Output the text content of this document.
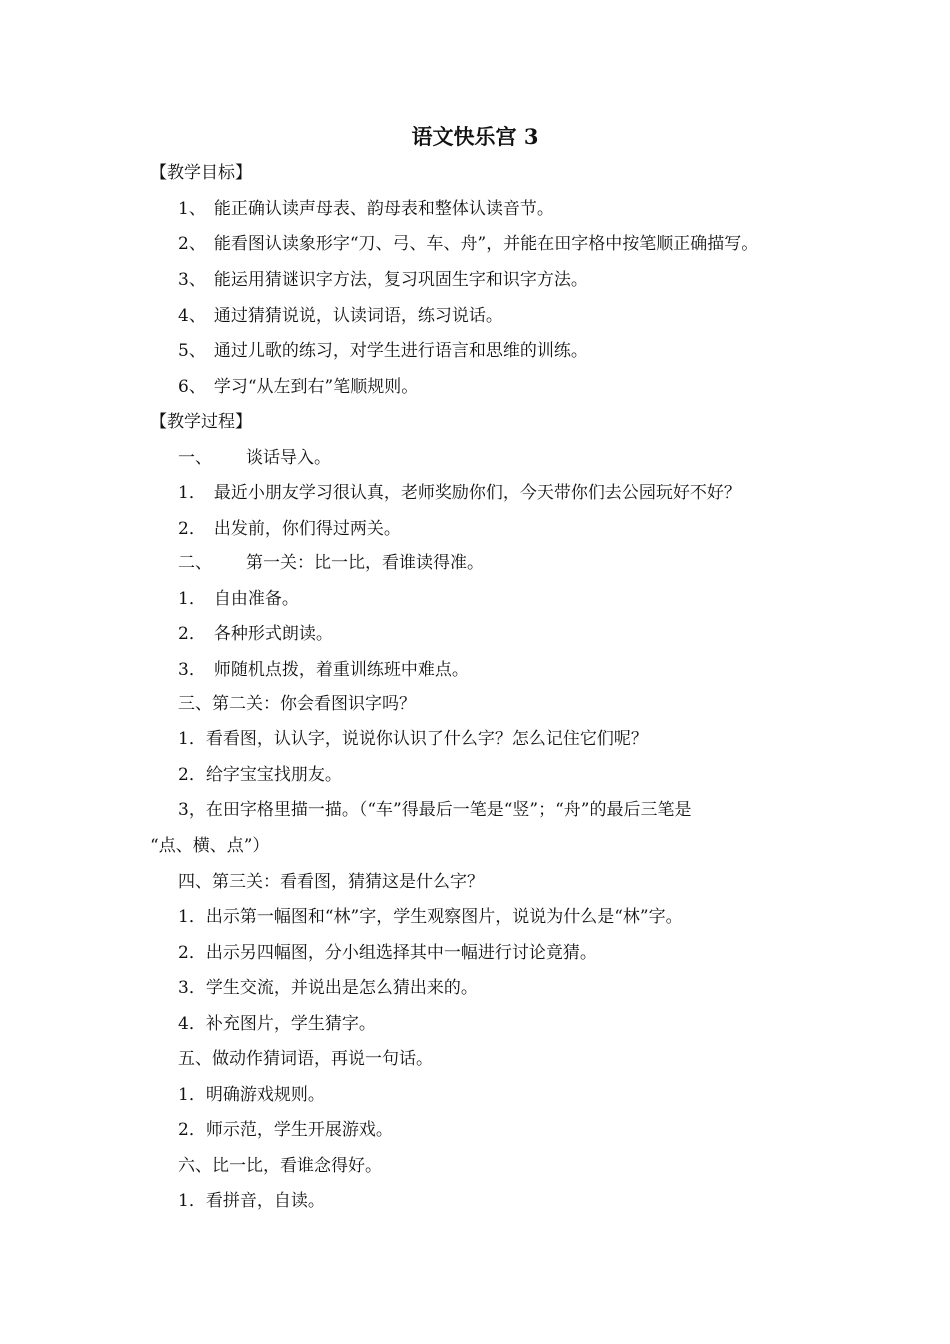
语文快乐宫 3
【教学目标】
1、 能正确认读声母表、韵母表和整体认读音节。
2、 能看图认读象形字“刀、弓、车、舟”，并能在田字格中按笔顺正确描写。
3、 能运用猜谜识字方法，复习巩固生字和识字方法。
4、 通过猜猜说说，认读词语，练习说话。
5、 通过儿歌的练习，对学生进行语言和思维的训练。
6、 学习“从左到右”笔顺规则。
【教学过程】
一、 谈话导入。
1． 最近小朋友学习很认真，老师奖励你们，今天带你们去公园玩好不好？
2． 出发前，你们得过两关。
二、 第一关：比一比，看谁读得准。
1． 自由准备。
2． 各种形式朗读。
3． 师随机点拨，着重训练班中难点。
三、第二关：你会看图识字吗？
1．看看图，认认字，说说你认识了什么字？怎么记住它们呢？
2．给字宝宝找朋友。
3，在田字格里描一描。（“车”得最后一笔是“竖”；“舟”的最后三笔是
“点、横、点”）
四、第三关：看看图，猜猜这是什么字？
1．出示第一幅图和“林”字，学生观察图片，说说为什么是“林”字。
2．出示另四幅图，分小组选择其中一幅进行讨论竟猜。
3．学生交流，并说出是怎么猜出来的。
4．补充图片，学生猜字。
五、做动作猜词语，再说一句话。
1．明确游戏规则。
2．师示范，学生开展游戏。
六、比一比，看谁念得好。
1．看拼音，自读。
